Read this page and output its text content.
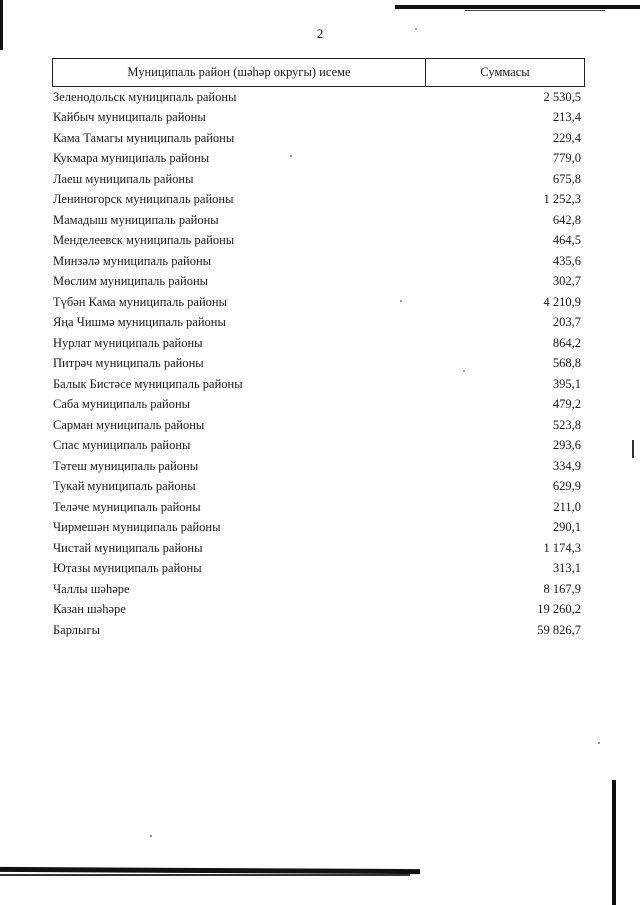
2
Муниципаль район (шәһәр округы) исеме	Суммасы
Зеленодольск муниципаль районы	2 530,5
Кайбыч муниципаль районы	213,4
Кама Тамагы муниципаль районы	229,4
Кукмара муниципаль районы	779,0
Лаеш муниципаль районы	675,8
Лениногорск муниципаль районы	1 252,3
Мамадыш муниципаль районы	642,8
Менделеевск муниципаль районы	464,5
Минзәлә муниципаль районы	435,6
Мөслим муниципаль районы	302,7
Түбән Кама муниципаль районы	4 210,9
Яңа Чишмә муниципаль районы	203,7
Нурлат муниципаль районы	864,2
Питрәч муниципаль районы	568,8
Балык Бистәсе муниципаль районы	395,1
Саба муниципаль районы	479,2
Сарман муниципаль районы	523,8
Спас муниципаль районы	293,6
Тәтеш муниципаль районы	334,9
Тукай муниципаль районы	629,9
Теләче муниципаль районы	211,0
Чирмешән муниципаль районы	290,1
Чистай муниципаль районы	1 174,3
Ютазы муниципаль районы	313,1
Чаллы шәһәре	8 167,9
Казан шәһәре	19 260,2
Барлыгы	59 826,7
